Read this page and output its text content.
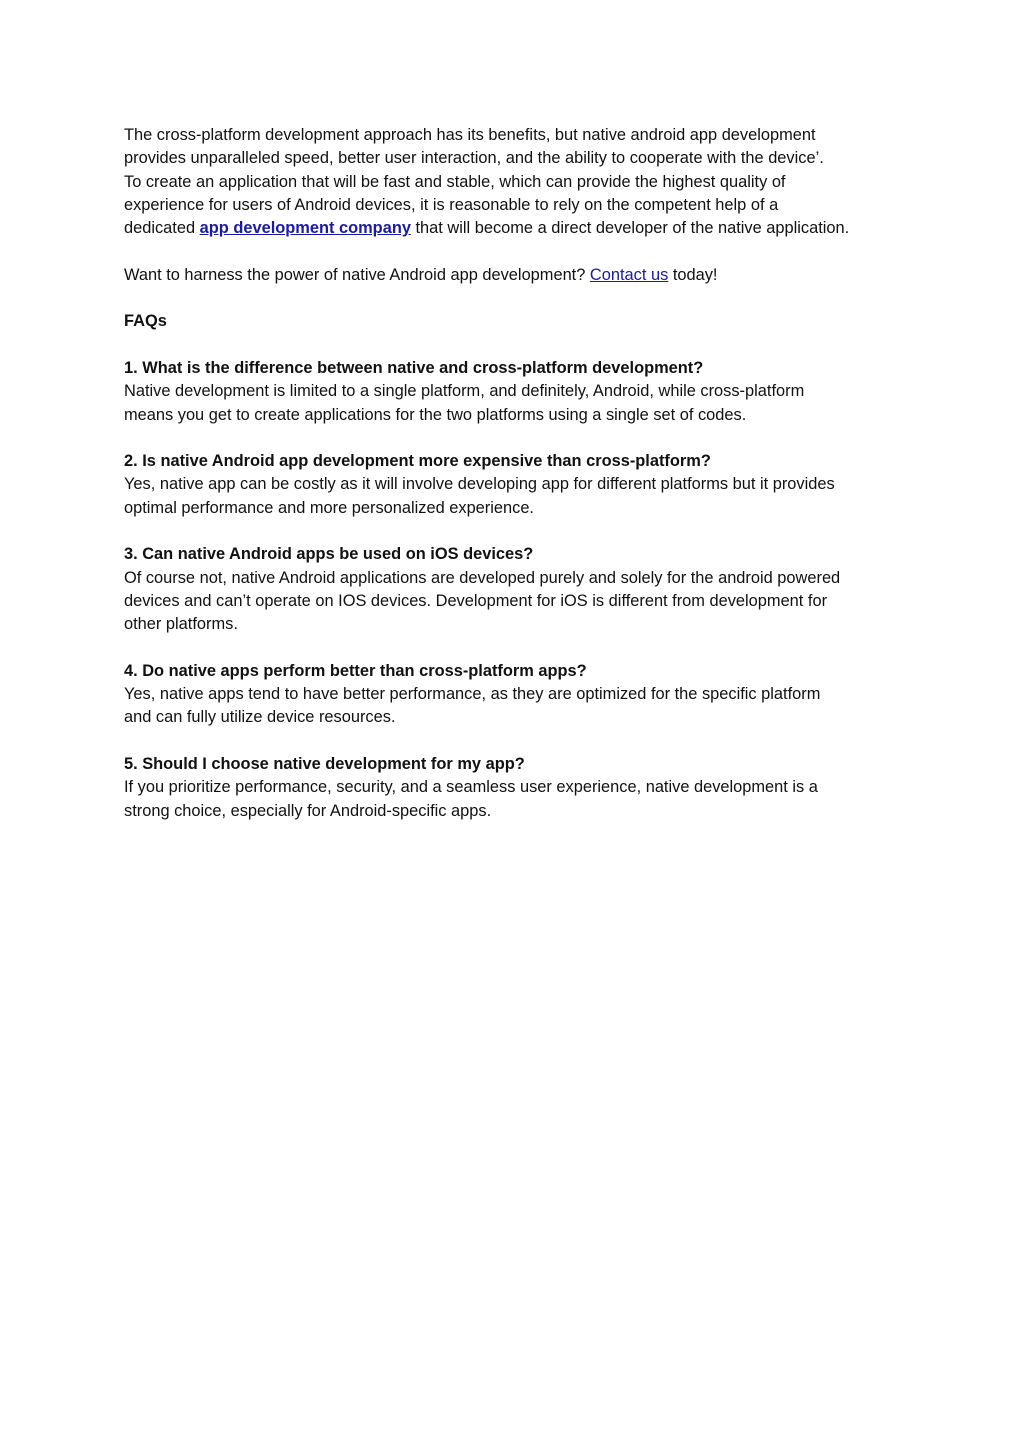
The cross-platform development approach has its benefits, but native android app development
provides unparalleled speed, better user interaction, and the ability to cooperate with the device’.
To create an application that will be fast and stable, which can provide the highest quality of
experience for users of Android devices, it is reasonable to rely on the competent help of a
dedicated app development company that will become a direct developer of the native application.

Want to harness the power of native Android app development? Contact us today!

FAQs

1. What is the difference between native and cross-platform development?
Native development is limited to a single platform, and definitely, Android, while cross-platform
means you get to create applications for the two platforms using a single set of codes.

2. Is native Android app development more expensive than cross-platform?
Yes, native app can be costly as it will involve developing app for different platforms but it provides
optimal performance and more personalized experience.

3. Can native Android apps be used on iOS devices?
Of course not, native Android applications are developed purely and solely for the android powered
devices and can’t operate on IOS devices. Development for iOS is different from development for
other platforms.

4. Do native apps perform better than cross-platform apps?
Yes, native apps tend to have better performance, as they are optimized for the specific platform
and can fully utilize device resources.

5. Should I choose native development for my app?
If you prioritize performance, security, and a seamless user experience, native development is a
strong choice, especially for Android-specific apps.
